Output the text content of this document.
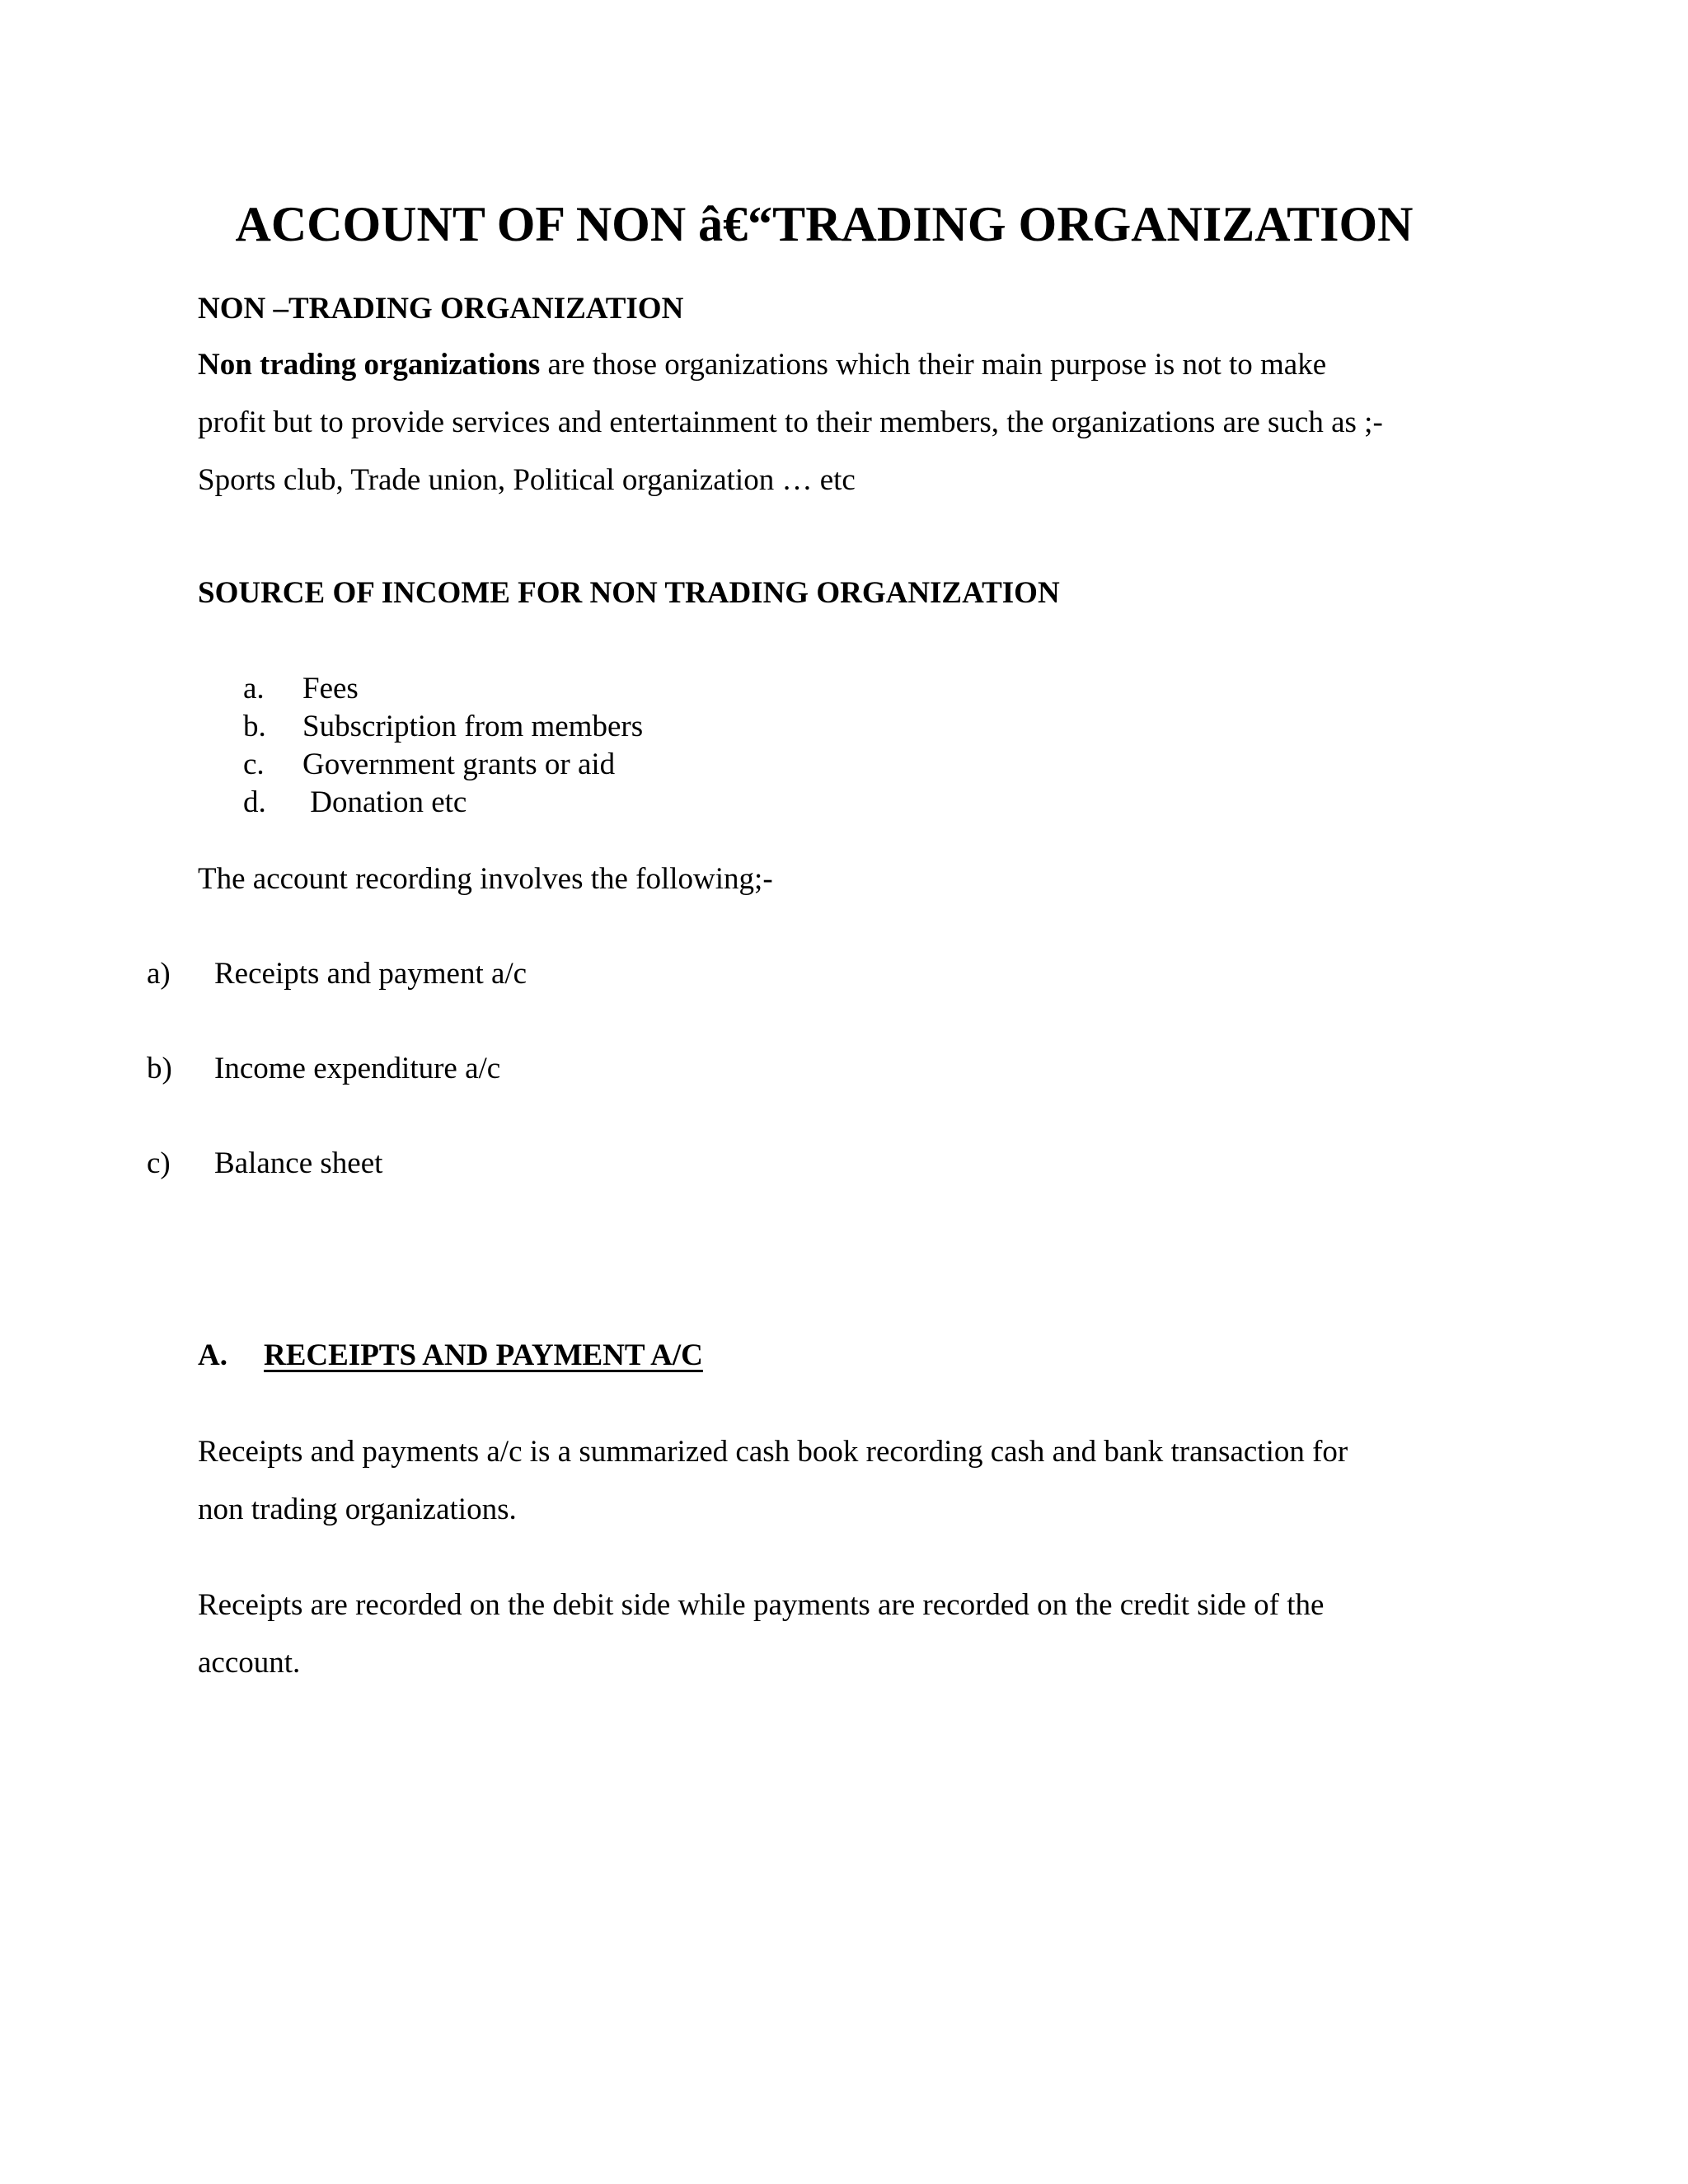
ACCOUNT OF NON â€“TRADING ORGANIZATION
NON –TRADING ORGANIZATION
Non trading organizations are those organizations which their main purpose is not to make
profit but to provide services and entertainment to their members, the organizations are such as ;-
Sports club, Trade union, Political organization … etc
SOURCE OF INCOME FOR NON TRADING ORGANIZATION
a. Fees
b. Subscription from members
c. Government grants or aid
d. Donation etc
The account recording involves the following;-
a) Receipts and payment a/c
b) Income expenditure a/c
c) Balance sheet
A. RECEIPTS AND PAYMENT A/C
Receipts and payments a/c is a summarized cash book recording cash and bank transaction for
non trading organizations.
Receipts are recorded on the debit side while payments are recorded on the credit side of the
account.
